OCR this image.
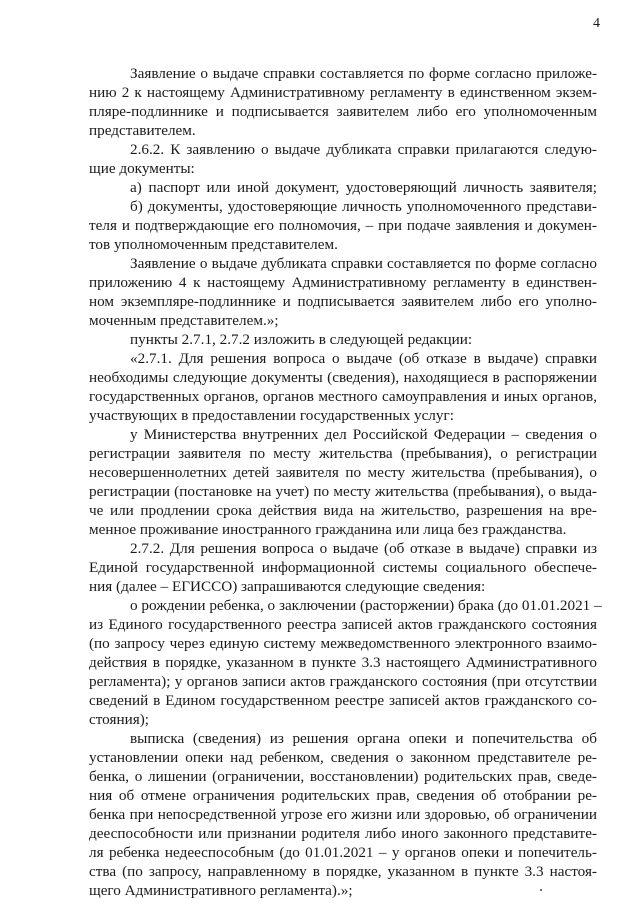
4
Заявление о выдаче справки составляется по форме согласно приложе-
нию 2 к настоящему Административному регламенту в единственном экзем-
пляре-подлиннике и подписывается заявителем либо его уполномоченным
представителем.
2.6.2. К заявлению о выдаче дубликата справки прилагаются следую-
щие документы:
а) паспорт или иной документ, удостоверяющий личность заявителя;
б) документы, удостоверяющие личность уполномоченного представи-
теля и подтверждающие его полномочия, – при подаче заявления и докумен-
тов уполномоченным представителем.
Заявление о выдаче дубликата справки составляется по форме согласно
приложению 4 к настоящему Административному регламенту в единствен-
ном экземпляре-подлиннике и подписывается заявителем либо его уполно-
моченным представителем.»;
пункты 2.7.1, 2.7.2 изложить в следующей редакции:
«2.7.1. Для решения вопроса о выдаче (об отказе в выдаче) справки
необходимы следующие документы (сведения), находящиеся в распоряжении
государственных органов, органов местного самоуправления и иных органов,
участвующих в предоставлении государственных услуг:
у Министерства внутренних дел Российской Федерации – сведения о
регистрации заявителя по месту жительства (пребывания), о регистрации
несовершеннолетних детей заявителя по месту жительства (пребывания), о
регистрации (постановке на учет) по месту жительства (пребывания), о выда-
че или продлении срока действия вида на жительство, разрешения на вре-
менное проживание иностранного гражданина или лица без гражданства.
2.7.2. Для решения вопроса о выдаче (об отказе в выдаче) справки из
Единой государственной информационной системы социального обеспече-
ния (далее – ЕГИССО) запрашиваются следующие сведения:
о рождении ребенка, о заключении (расторжении) брака (до 01.01.2021 –
из Единого государственного реестра записей актов гражданского состояния
(по запросу через единую систему межведомственного электронного взаимо-
действия в порядке, указанном в пункте 3.3 настоящего Административного
регламента); у органов записи актов гражданского состояния (при отсутствии
сведений в Едином государственном реестре записей актов гражданского со-
стояния);
выписка (сведения) из решения органа опеки и попечительства об
установлении опеки над ребенком, сведения о законном представителе ре-
бенка, о лишении (ограничении, восстановлении) родительских прав, сведе-
ния об отмене ограничения родительских прав, сведения об отобрании ре-
бенка при непосредственной угрозе его жизни или здоровью, об ограничении
дееспособности или признании родителя либо иного законного представите-
ля ребенка недееспособным (до 01.01.2021 – у органов опеки и попечитель-
ства (по запросу, направленному в порядке, указанном в пункте 3.3 настоя-
щего Административного регламента).»;
